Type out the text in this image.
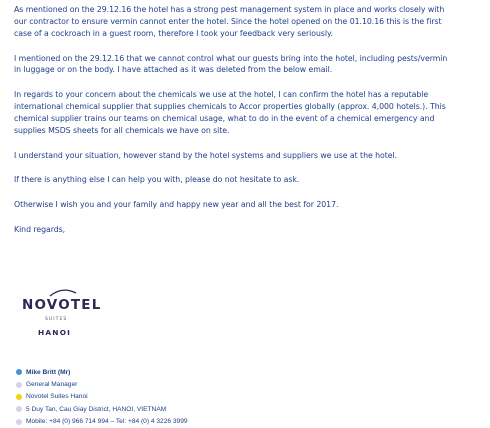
As mentioned on the 29.12.16 the hotel has a strong pest management system in place and works closely with
our contractor to ensure vermin cannot enter the hotel. Since the hotel opened on the 01.10.16 this is the first
case of a cockroach in a guest room, therefore I took your feedback very seriously.

I mentioned on the 29.12.16 that we cannot control what our guests bring into the hotel, including pests/vermin
in luggage or on the body. I have attached as it was deleted from the below email.

In regards to your concern about the chemicals we use at the hotel, I can confirm the hotel has a reputable
international chemical supplier that supplies chemicals to Accor properties globally (approx. 4,000 hotels.). This
chemical supplier trains our teams on chemical usage, what to do in the event of a chemical emergency and
supplies MSDS sheets for all chemicals we have on site.

I understand your situation, however stand by the hotel systems and suppliers we use at the hotel.

If there is anything else I can help you with, please do not hesitate to ask.

Otherwise I wish you and your family and happy new year and all the best for 2017.

Kind regards,

NOVOTEL
SUITES
HANOI
Mike Britt (Mr)
General Manager
Novotel Suites Hanoi
5 Duy Tan, Cau Giay District, HANOI, VIETNAM
Mobile: +84 (0) 966 714 994 – Tel: +84 (0) 4 3226 3999
